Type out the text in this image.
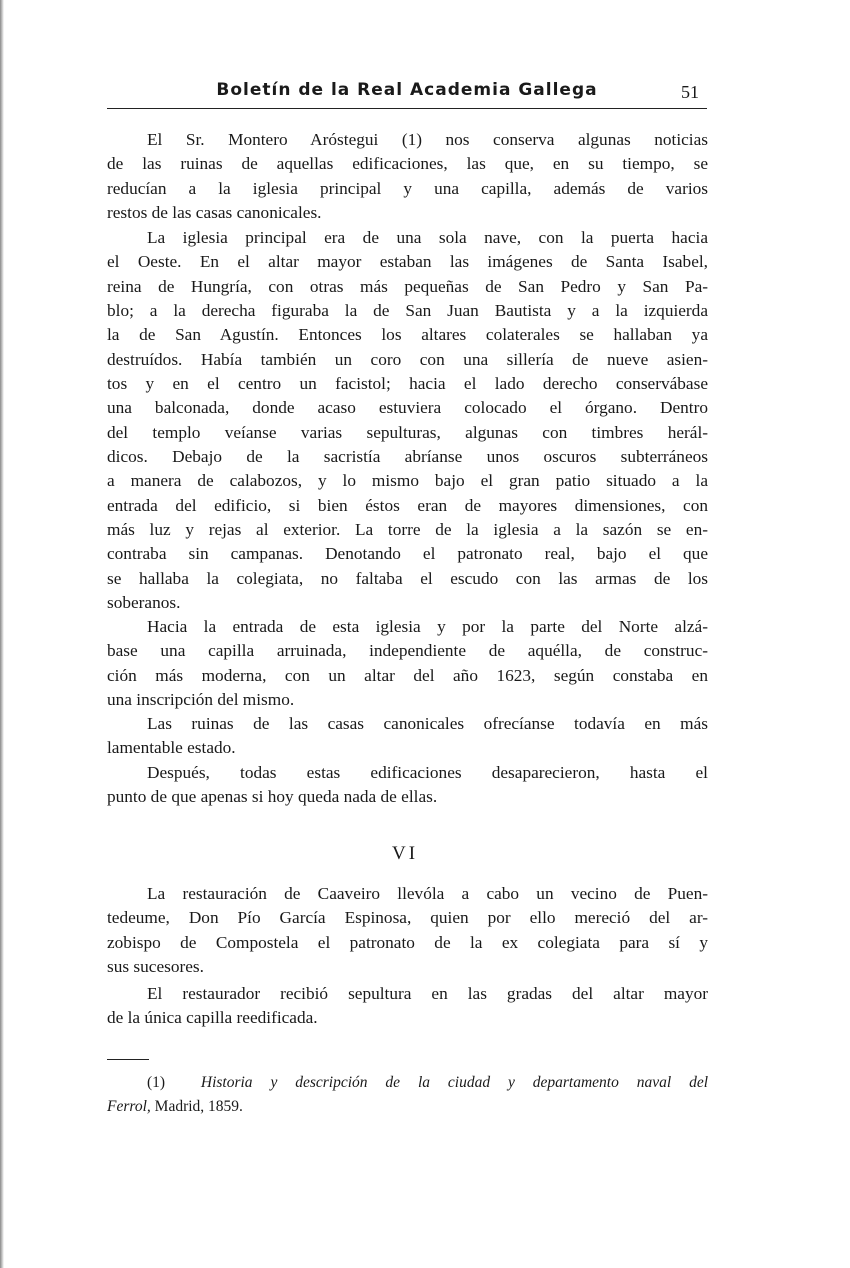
Boletín de la Real Academia Gallega	51
El Sr. Montero Aróstegui (1) nos conserva algunas noticias
de las ruinas de aquellas edificaciones, las que, en su tiempo, se
reducían a la iglesia principal y una capilla, además de varios
restos de las casas canonicales.
La iglesia principal era de una sola nave, con la puerta hacia
el Oeste. En el altar mayor estaban las imágenes de Santa Isabel,
reina de Hungría, con otras más pequeñas de San Pedro y San Pa-
blo; a la derecha figuraba la de San Juan Bautista y a la izquierda
la de San Agustín. Entonces los altares colaterales se hallaban ya
destruídos. Había también un coro con una sillería de nueve asien-
tos y en el centro un facistol; hacia el lado derecho conservábase
una balconada, donde acaso estuviera colocado el órgano. Dentro
del templo veíanse varias sepulturas, algunas con timbres herál-
dicos. Debajo de la sacristía abríanse unos oscuros subterráneos
a manera de calabozos, y lo mismo bajo el gran patio situado a la
entrada del edificio, si bien éstos eran de mayores dimensiones, con
más luz y rejas al exterior. La torre de la iglesia a la sazón se en-
contraba sin campanas. Denotando el patronato real, bajo el que
se hallaba la colegiata, no faltaba el escudo con las armas de los
soberanos.
Hacia la entrada de esta iglesia y por la parte del Norte alzá-
base una capilla arruinada, independiente de aquélla, de construc-
ción más moderna, con un altar del año 1623, según constaba en
una inscripción del mismo.
Las ruinas de las casas canonicales ofrecíanse todavía en más
lamentable estado.
Después, todas estas edificaciones desaparecieron, hasta el
punto de que apenas si hoy queda nada de ellas.
VI
La restauración de Caaveiro llevóla a cabo un vecino de Puen-
tedeume, Don Pío García Espinosa, quien por ello mereció del ar-
zobispo de Compostela el patronato de la ex colegiata para sí y
sus sucesores.
El restaurador recibió sepultura en las gradas del altar mayor
de la única capilla reedificada.
(1) Historia y descripción de la ciudad y departamento naval del
Ferrol, Madrid, 1859.
